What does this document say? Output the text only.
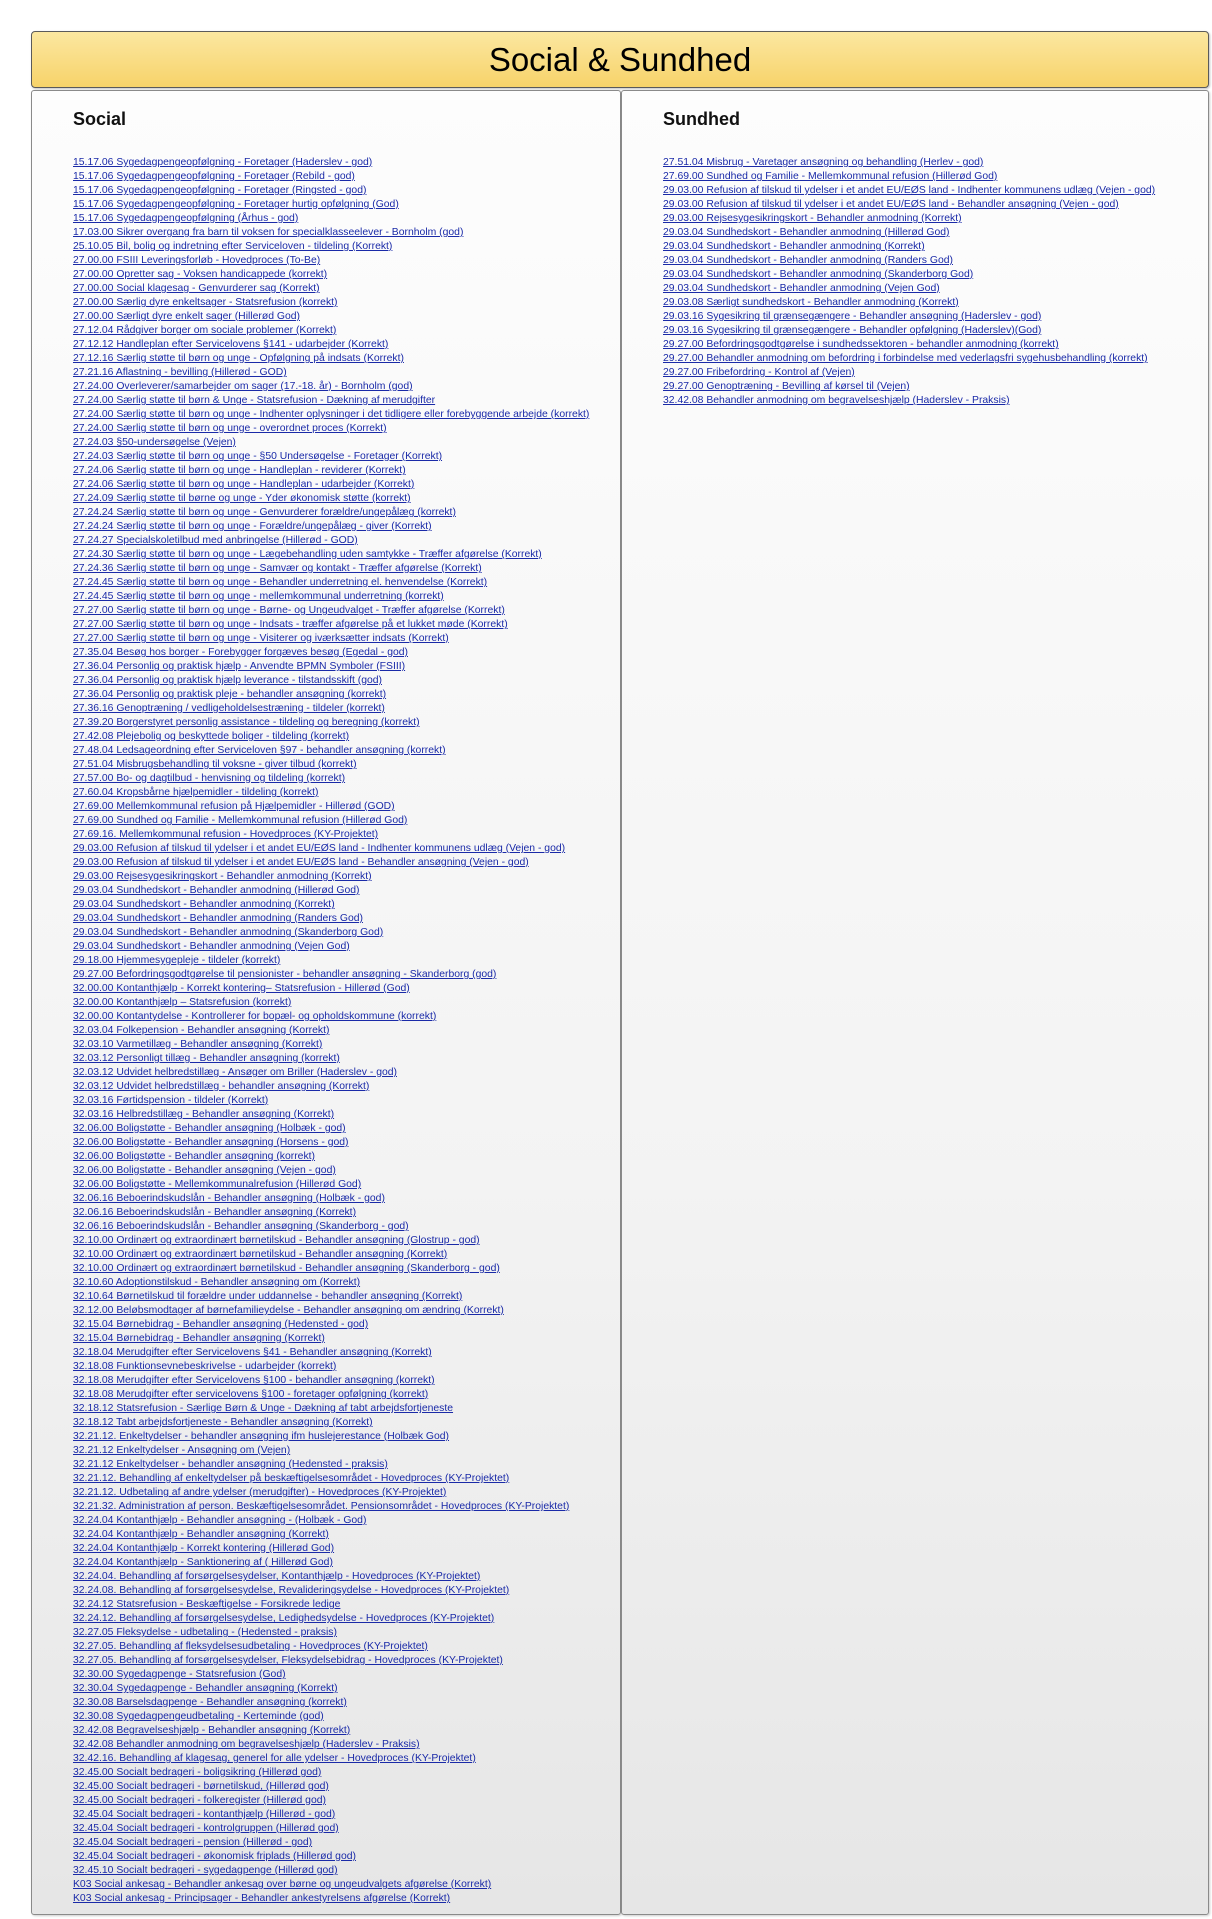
Social & Sundhed
Social
15.17.06 Sygedagpengeopfølgning - Foretager (Haderslev - god)
15.17.06 Sygedagpengeopfølgning - Foretager (Rebild - god)
15.17.06 Sygedagpengeopfølgning - Foretager (Ringsted - god)
15.17.06 Sygedagpengeopfølgning - Foretager hurtig opfølgning (God)
15.17.06 Sygedagpengeopfølgning (Århus - god)
17.03.00 Sikrer overgang fra barn til voksen for specialklasseelever - Bornholm (god)
25.10.05 Bil, bolig og indretning efter Serviceloven - tildeling (Korrekt)
27.00.00 FSIII Leveringsforløb - Hovedproces (To-Be)
27.00.00 Opretter sag - Voksen handicappede (korrekt)
27.00.00 Social klagesag - Genvurderer sag (Korrekt)
27.00.00 Særlig dyre enkeltsager - Statsrefusion (korrekt)
27.00.00 Særligt dyre enkelt sager (Hillerød God)
27.12.04 Rådgiver borger om sociale problemer (Korrekt)
27.12.12 Handleplan efter Servicelovens §141 - udarbejder (Korrekt)
27.12.16 Særlig støtte til børn og unge - Opfølgning på indsats (Korrekt)
27.21.16 Aflastning - bevilling (Hillerød - GOD)
27.24.00 Overleverer/samarbejder om sager (17.-18. år) - Bornholm (god)
27.24.00 Særlig støtte til børn & Unge - Statsrefusion - Dækning af merudgifter
27.24.00 Særlig støtte til børn og unge - Indhenter oplysninger i det tidligere eller forebyggende arbejde (korrekt)
27.24.00 Særlig støtte til børn og unge - overordnet proces (Korrekt)
27.24.03 §50-undersøgelse (Vejen)
27.24.03 Særlig støtte til børn og unge - §50 Undersøgelse - Foretager (Korrekt)
27.24.06 Særlig støtte til børn og unge - Handleplan - reviderer (Korrekt)
27.24.06 Særlig støtte til børn og unge - Handleplan - udarbejder (Korrekt)
27.24.09 Særlig støtte til børne og unge - Yder økonomisk støtte (korrekt)
27.24.24 Særlig støtte til børn og unge - Genvurderer forældre/ungepålæg (korrekt)
27.24.24 Særlig støtte til børn og unge - Forældre/ungepålæg - giver (Korrekt)
27.24.27 Specialskoletilbud med anbringelse (Hillerød - GOD)
27.24.30 Særlig støtte til børn og unge - Lægebehandling uden samtykke - Træffer afgørelse (Korrekt)
27.24.36 Særlig støtte til børn og unge - Samvær og kontakt - Træffer afgørelse (Korrekt)
27.24.45 Særlig støtte til børn og unge - Behandler underretning el. henvendelse (Korrekt)
27.24.45 Særlig støtte til børn og unge - mellemkommunal underretning (korrekt)
27.27.00 Særlig støtte til børn og unge - Børne- og Ungeudvalget - Træffer afgørelse (Korrekt)
27.27.00 Særlig støtte til børn og unge - Indsats - træffer afgørelse på et lukket møde (Korrekt)
27.27.00 Særlig støtte til børn og unge - Visiterer og iværksætter indsats (Korrekt)
27.35.04 Besøg hos borger - Forebygger forgæves besøg (Egedal - god)
27.36.04 Personlig og praktisk hjælp - Anvendte BPMN Symboler (FSIII)
27.36.04 Personlig og praktisk hjælp leverance - tilstandsskift (god)
27.36.04 Personlig og praktisk pleje - behandler ansøgning (korrekt)
27.36.16 Genoptræning / vedligeholdelsestræning - tildeler (korrekt)
27.39.20 Borgerstyret personlig assistance - tildeling og beregning (korrekt)
27.42.08 Plejebolig og beskyttede boliger - tildeling (korrekt)
27.48.04 Ledsageordning efter Serviceloven §97 - behandler ansøgning (korrekt)
27.51.04 Misbrugsbehandling til voksne - giver tilbud (korrekt)
27.57.00 Bo- og dagtilbud - henvisning og tildeling (korrekt)
27.60.04 Kropsbårne hjælpemidler - tildeling (korrekt)
27.69.00 Mellemkommunal refusion på Hjælpemidler - Hillerød (GOD)
27.69.00 Sundhed og Familie - Mellemkommunal refusion (Hillerød God)
27.69.16. Mellemkommunal refusion - Hovedproces (KY-Projektet)
29.03.00 Refusion af tilskud til ydelser i et andet EU/EØS land - Indhenter kommunens udlæg (Vejen - god)
29.03.00 Refusion af tilskud til ydelser i et andet EU/EØS land - Behandler ansøgning (Vejen - god)
29.03.00 Rejsesygesikringskort - Behandler anmodning (Korrekt)
29.03.04 Sundhedskort - Behandler anmodning (Hillerød God)
29.03.04 Sundhedskort - Behandler anmodning (Korrekt)
29.03.04 Sundhedskort - Behandler anmodning (Randers God)
29.03.04 Sundhedskort - Behandler anmodning (Skanderborg God)
29.03.04 Sundhedskort - Behandler anmodning (Vejen God)
29.18.00 Hjemmesygepleje - tildeler (korrekt)
29.27.00 Befordringsgodtgørelse til pensionister - behandler ansøgning - Skanderborg (god)
32.00.00 Kontanthjælp - Korrekt kontering– Statsrefusion - Hillerød (God)
32.00.00 Kontanthjælp – Statsrefusion (korrekt)
32.00.00 Kontantydelse - Kontrollerer for bopæl- og opholdskommune (korrekt)
32.03.04 Folkepension - Behandler ansøgning (Korrekt)
32.03.10 Varmetillæg - Behandler ansøgning (Korrekt)
32.03.12 Personligt tillæg - Behandler ansøgning (korrekt)
32.03.12 Udvidet helbredstillæg - Ansøger om Briller (Haderslev - god)
32.03.12 Udvidet helbredstillæg - behandler ansøgning (Korrekt)
32.03.16 Førtidspension - tildeler (Korrekt)
32.03.16 Helbredstillæg - Behandler ansøgning (Korrekt)
32.06.00 Boligstøtte - Behandler ansøgning (Holbæk - god)
32.06.00 Boligstøtte - Behandler ansøgning (Horsens - god)
32.06.00 Boligstøtte - Behandler ansøgning (korrekt)
32.06.00 Boligstøtte - Behandler ansøgning (Vejen - god)
32.06.00 Boligstøtte - Mellemkommunalrefusion (Hillerød God)
32.06.16 Beboerindskudslån - Behandler ansøgning (Holbæk - god)
32.06.16 Beboerindskudslån - Behandler ansøgning (Korrekt)
32.06.16 Beboerindskudslån - Behandler ansøgning (Skanderborg - god)
32.10.00 Ordinært og extraordinært børnetilskud - Behandler ansøgning (Glostrup - god)
32.10.00 Ordinært og extraordinært børnetilskud - Behandler ansøgning (Korrekt)
32.10.00 Ordinært og extraordinært børnetilskud - Behandler ansøgning (Skanderborg - god)
32.10.60 Adoptionstilskud - Behandler ansøgning om (Korrekt)
32.10.64 Børnetilskud til forældre under uddannelse - behandler ansøgning (Korrekt)
32.12.00 Beløbsmodtager af børnefamilieydelse - Behandler ansøgning om ændring (Korrekt)
32.15.04 Børnebidrag - Behandler ansøgning (Hedensted - god)
32.15.04 Børnebidrag - Behandler ansøgning (Korrekt)
32.18.04 Merudgifter efter Servicelovens §41 - Behandler ansøgning (Korrekt)
32.18.08 Funktionsevnebeskrivelse - udarbejder (korrekt)
32.18.08 Merudgifter efter Servicelovens §100 - behandler ansøgning (korrekt)
32.18.08 Merudgifter efter servicelovens §100 - foretager opfølgning (korrekt)
32.18.12 Statsrefusion - Særlige Børn & Unge - Dækning af tabt arbejdsfortjeneste
32.18.12 Tabt arbejdsfortjeneste - Behandler ansøgning (Korrekt)
32.21.12. Enkeltydelser - behandler ansøgning ifm huslejerestance (Holbæk God)
32.21.12 Enkeltydelser - Ansøgning om (Vejen)
32.21.12 Enkeltydelser - behandler ansøgning (Hedensted - praksis)
32.21.12. Behandling af enkeltydelser på beskæftigelsesområdet - Hovedproces (KY-Projektet)
32.21.12. Udbetaling af andre ydelser (merudgifter) - Hovedproces (KY-Projektet)
32.21.32. Administration af person. Beskæftigelsesområdet. Pensionsområdet - Hovedproces (KY-Projektet)
32.24.04 Kontanthjælp - Behandler ansøgning - (Holbæk - God)
32.24.04 Kontanthjælp - Behandler ansøgning (Korrekt)
32.24.04 Kontanthjælp - Korrekt kontering (Hillerød God)
32.24.04 Kontanthjælp - Sanktionering af ( Hillerød God)
32.24.04. Behandling af forsørgelsesydelser, Kontanthjælp - Hovedproces (KY-Projektet)
32.24.08. Behandling af forsørgelsesydelse, Revalideringsydelse - Hovedproces (KY-Projektet)
32.24.12 Statsrefusion - Beskæftigelse - Forsikrede ledige
32.24.12. Behandling af forsørgelsesydelse, Ledighedsydelse - Hovedproces (KY-Projektet)
32.27.05 Fleksydelse - udbetaling - (Hedensted - praksis)
32.27.05. Behandling af fleksydelsesudbetaling - Hovedproces (KY-Projektet)
32.27.05. Behandling af forsørgelsesydelser, Fleksydelsebidrag - Hovedproces (KY-Projektet)
32.30.00 Sygedagpenge - Statsrefusion (God)
32.30.04 Sygedagpenge - Behandler ansøgning (Korrekt)
32.30.08 Barselsdagpenge - Behandler ansøgning (korrekt)
32.30.08 Sygedagpengeudbetaling - Kerteminde (god)
32.42.08 Begravelseshjælp - Behandler ansøgning (Korrekt)
32.42.08 Behandler anmodning om begravelseshjælp (Haderslev - Praksis)
32.42.16. Behandling af klagesag, generel for alle ydelser - Hovedproces (KY-Projektet)
32.45.00 Socialt bedrageri - boligsikring (Hillerød god)
32.45.00 Socialt bedrageri - børnetilskud, (Hillerød god)
32.45.00 Socialt bedrageri - folkeregister (Hillerød god)
32.45.04 Socialt bedrageri - kontanthjælp (Hillerød - god)
32.45.04 Socialt bedrageri - kontrolgruppen (Hillerød god)
32.45.04 Socialt bedrageri - pension (Hillerød - god)
32.45.04 Socialt bedrageri - økonomisk friplads (Hillerød god)
32.45.10 Socialt bedrageri - sygedagpenge (Hillerød god)
K03 Social ankesag - Behandler ankesag over børne og ungeudvalgets afgørelse (Korrekt)
K03 Social ankesag - Principsager - Behandler ankestyrelsens afgørelse (Korrekt)
Sundhed
27.51.04 Misbrug - Varetager ansøgning og behandling (Herlev - god)
27.69.00 Sundhed og Familie - Mellemkommunal refusion (Hillerød God)
29.03.00 Refusion af tilskud til ydelser i et andet EU/EØS land - Indhenter kommunens udlæg (Vejen - god)
29.03.00 Refusion af tilskud til ydelser i et andet EU/EØS land - Behandler ansøgning (Vejen - god)
29.03.00 Rejsesygesikringskort - Behandler anmodning (Korrekt)
29.03.04 Sundhedskort - Behandler anmodning (Hillerød God)
29.03.04 Sundhedskort - Behandler anmodning (Korrekt)
29.03.04 Sundhedskort - Behandler anmodning (Randers God)
29.03.04 Sundhedskort - Behandler anmodning (Skanderborg God)
29.03.04 Sundhedskort - Behandler anmodning (Vejen God)
29.03.08 Særligt sundhedskort - Behandler anmodning (Korrekt)
29.03.16 Sygesikring til grænsegængere - Behandler ansøgning (Haderslev - god)
29.03.16 Sygesikring til grænsegængere - Behandler opfølgning (Haderslev)(God)
29.27.00 Befordringsgodtgørelse i sundhedssektoren - behandler anmodning (korrekt)
29.27.00 Behandler anmodning om befordring i forbindelse med vederlagsfri sygehusbehandling (korrekt)
29.27.00 Fribefordring - Kontrol af (Vejen)
29.27.00 Genoptræning - Bevilling af kørsel til (Vejen)
32.42.08 Behandler anmodning om begravelseshjælp (Haderslev - Praksis)
